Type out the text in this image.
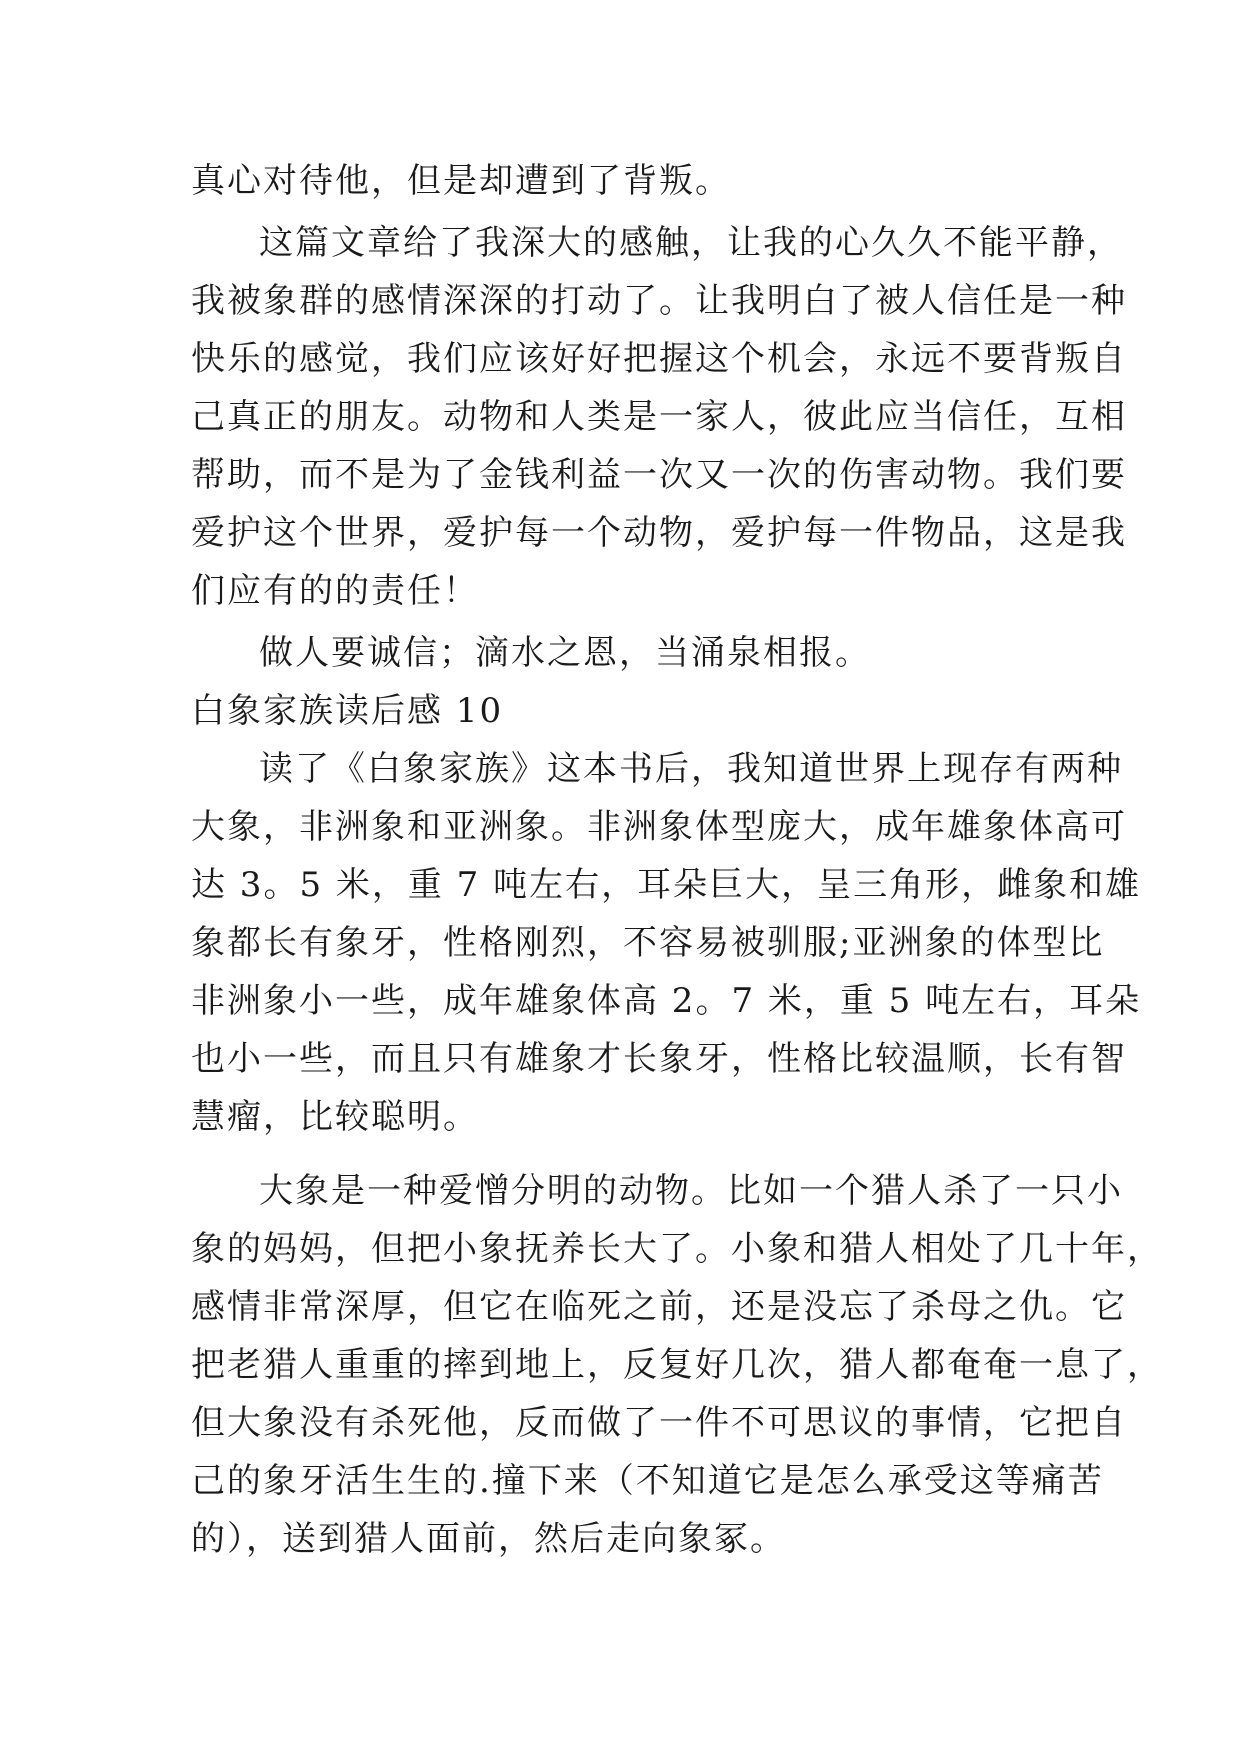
真心对待他，但是却遭到了背叛。

这篇文章给了我深大的感触，让我的心久久不能平静，

我被象群的感情深深的打动了。让我明白了被人信任是一种

快乐的感觉，我们应该好好把握这个机会，永远不要背叛自

己真正的朋友。动物和人类是一家人，彼此应当信任，互相

帮助，而不是为了金钱利益一次又一次的伤害动物。我们要

爱护这个世界，爱护每一个动物，爱护每一件物品，这是我

们应有的的责任！

做人要诚信；滴水之恩，当涌泉相报。

白象家族读后感 10

读了《白象家族》这本书后，我知道世界上现存有两种

大象，非洲象和亚洲象。非洲象体型庞大，成年雄象体高可

达 3。5 米，重 7 吨左右，耳朵巨大，呈三角形，雌象和雄

象都长有象牙，性格刚烈，不容易被驯服;亚洲象的体型比

非洲象小一些，成年雄象体高 2。7 米，重 5 吨左右，耳朵

也小一些，而且只有雄象才长象牙，性格比较温顺，长有智

慧瘤，比较聪明。

大象是一种爱憎分明的动物。比如一个猎人杀了一只小

象的妈妈，但把小象抚养长大了。小象和猎人相处了几十年，

感情非常深厚，但它在临死之前，还是没忘了杀母之仇。它

把老猎人重重的摔到地上，反复好几次，猎人都奄奄一息了，

但大象没有杀死他，反而做了一件不可思议的事情，它把自

己的象牙活生生的.撞下来（不知道它是怎么承受这等痛苦

的），送到猎人面前，然后走向象冢。
